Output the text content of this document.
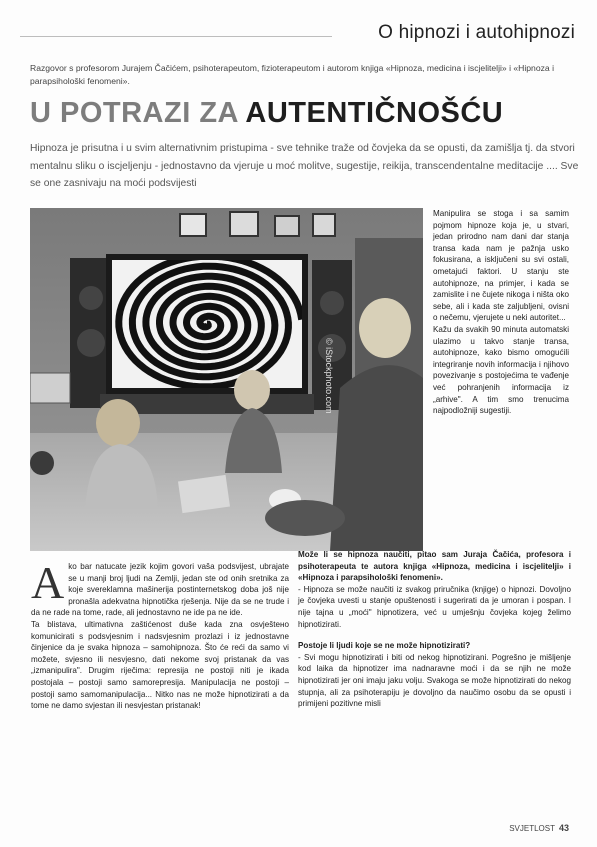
O hipnozi i autohipnozi
Razgovor s profesorom Jurajem Čačićem, psihoterapeutom, fizioterapeutom i autorom knjiga «Hipnoza, medicina i iscjelitelji» i «Hipnoza i parapsihološki fenomeni».
U POTRAZI ZA AUTENTIČNOŠĆU
Hipnoza je prisutna i u svim alternativnim pristupima - sve tehnike traže od čovjeka da se opusti, da zamišlja tj. da stvori mentalnu sliku o iscjeljenju - jednostavno da vjeruje u moć molitve, sugestije, reikija, transcendentalne meditacije .... Sve se one zasnivaju na moći podsvijesti
© iStockphoto.com

Manipulira se stoga i sa samim pojmom hipnoze koja je, u stvari, jedan prirodno nam dani dar stanja transa kada nam je pažnja usko fokusirana, a isključeni su svi ostali, ometajući faktori. U stanju ste autohipnoze, na primjer, i kada se zamislite i ne čujete nikoga i ništa oko sebe, ali i kada ste zaljubljeni, ovisni o nečemu, vjerujete u neki autoritet...

Kažu da svakih 90 minuta automatski ulazimo u takvo stanje transa, autohipnoze, kako bismo omogućili integriranje novih informacija i njihovo povezivanje s postojećima te vađenje već pohranjenih informacija iz „arhive". A tim smo trenucima najpodložniji sugestiji.

A ko bar natucate jezik kojim govori vaša podsvijest, ubrajate se u manji broj ljudi na Zemlji, jedan ste od onih sretnika za koje svereklamna mašinerija postinternetskog doba još nije pronašla adekvatna hipnotička rješenja. Nije da se ne trude i da ne rade na tome, rade, ali jednostavno ne ide pa ne ide.

Ta blistava, ultimativna zaštićenost duše kada zna osvještено komunicirati s podsvjesnim i nadsvjesnim prozlazi i iz jednostavne činjenice da je svaka hipnoza – samohipnoza. Što će reći da samo vi možete, svjesno ili nesvjesno, dati nekome svoj pristanak da vas „izmanipulira". Drugim riječima: represija ne postoji niti je ikada postojala – postoji samo samorepresija. Manipulacija ne postoji – postoji samo samomanipulacija... Nitko nas ne može hipnotizirati a da tome ne damo svjestan ili nesvjestan pristanak!

Može li se hipnoza naučiti, pitao sam Juraja Čačića, profesora i psihoterapeuta te autora knjiga «Hipnoza, medicina i iscjelitelji» i «Hipnoza i parapsihološki fenomeni».

- Hipnoza se može naučiti iz svakog priručnika (knjige) o hipnozi. Dovoljno je čovjeka uvesti u stanje opuštenosti i sugerirati da je umoran i pospan. I nije tajna u „moći" hipnotizera, već u umješnju čovjeka kojeg želimo hipnotizirati.

Postoje li ljudi koje se ne može hipnotizirati?

- Svi mogu hipnotizirati i biti od nekog hipnotizirani. Pogrešno je mišljenje kod laika da hipnotizer ima nadnaravne moći i da se njih ne može hipnotizirati jer oni imaju jaku volju. Svakoga se može hipnotizirati do nekog stupnja, ali za psihoterapiju je dovoljno da naučimo osobu da se opusti i primijeni pozitivne misli

SVJETLOST 43
